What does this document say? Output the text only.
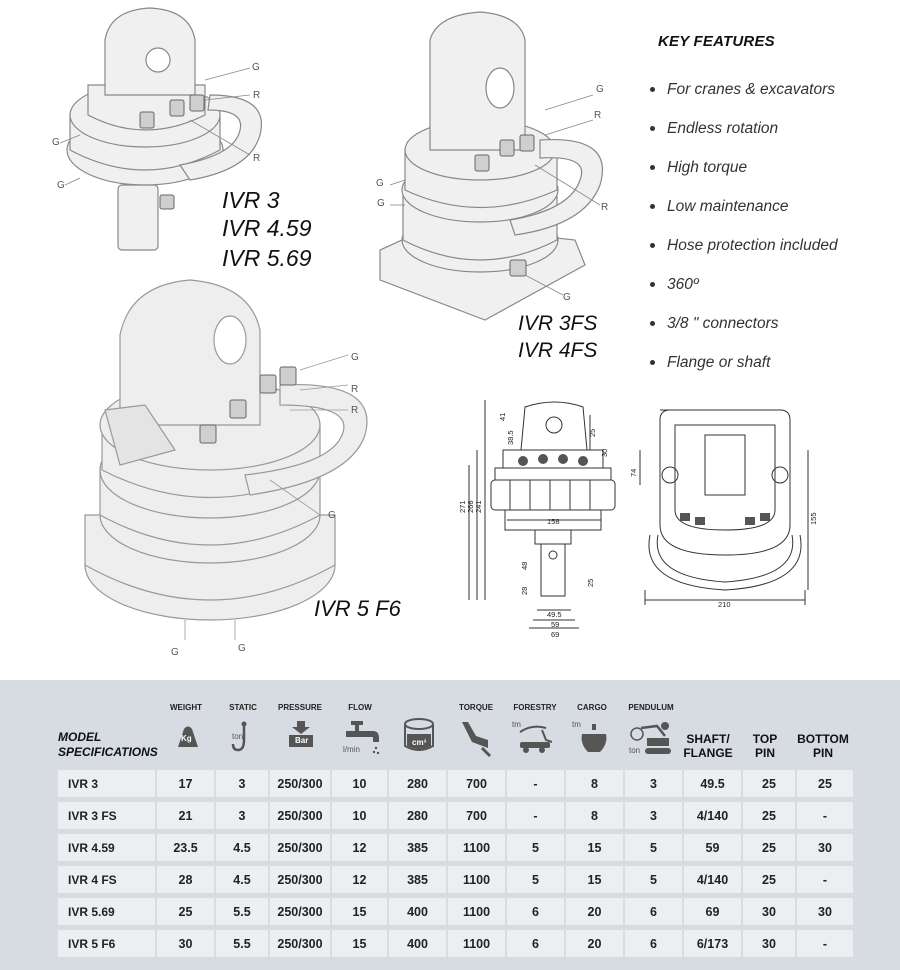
G
R
R
G
G
IVR 3
IVR 4.59
IVR 5.69
G
R
R
G
G
G
IVR 3FS
IVR 4FS
G
R
R
G
G	G
IVR 5 F6
KEY FEATURES
For cranes & excavators
Endless rotation
High torque
Low maintenance
Hose protection included
360º
3/8 " connectors
Flange or shaft
41
38.5	25
30
271 266 241
158
48
28
25
49.5
59
69
74
155
210
MODEL
SPECIFICATIONS
WEIGHT	STATIC	PRESSURE	FLOW	TORQUE	FORESTRY	CARGO	PENDULUM
Kg	ton	Bar
l/min
cm³
tm	tm
ton
SHAFT/
FLANGE
TOP
PIN
BOTTOM
PIN
IVR 3	17	3	250/300	10	280	700	-	8	3	49.5	25	25
IVR 3 FS	21	3	250/300	10	280	700	-	8	3	4/140	25	-
IVR 4.59	23.5	4.5	250/300	12	385	1100	5	15	5	59	25	30
IVR 4 FS	28	4.5	250/300	12	385	1100	5	15	5	4/140	25	-
IVR 5.69	25	5.5	250/300	15	400	1100	6	20	6	69	30	30
IVR 5 F6	30	5.5	250/300	15	400	1100	6	20	6	6/173	30	-
